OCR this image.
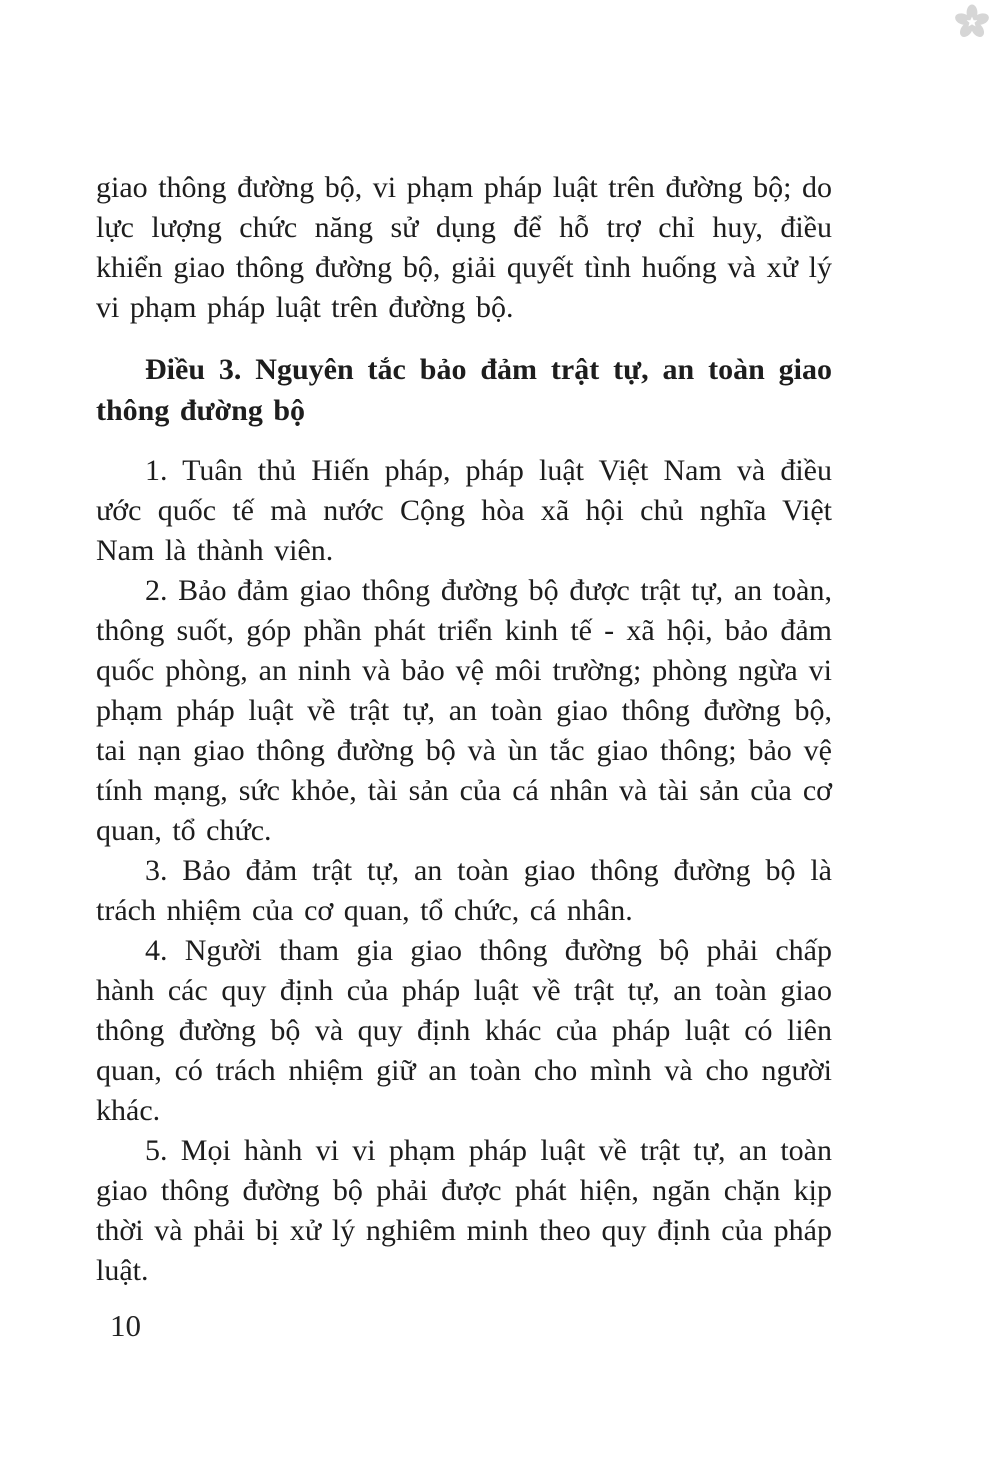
giao thông đường bộ, vi phạm pháp luật trên đường bộ; do lực lượng chức năng sử dụng để hỗ trợ chỉ huy, điều khiển giao thông đường bộ, giải quyết tình huống và xử lý vi phạm pháp luật trên đường bộ.

Điều 3. Nguyên tắc bảo đảm trật tự, an toàn giao thông đường bộ

1. Tuân thủ Hiến pháp, pháp luật Việt Nam và điều ước quốc tế mà nước Cộng hòa xã hội chủ nghĩa Việt Nam là thành viên.

2. Bảo đảm giao thông đường bộ được trật tự, an toàn, thông suốt, góp phần phát triển kinh tế - xã hội, bảo đảm quốc phòng, an ninh và bảo vệ môi trường; phòng ngừa vi phạm pháp luật về trật tự, an toàn giao thông đường bộ, tai nạn giao thông đường bộ và ùn tắc giao thông; bảo vệ tính mạng, sức khỏe, tài sản của cá nhân và tài sản của cơ quan, tổ chức.

3. Bảo đảm trật tự, an toàn giao thông đường bộ là trách nhiệm của cơ quan, tổ chức, cá nhân.

4. Người tham gia giao thông đường bộ phải chấp hành các quy định của pháp luật về trật tự, an toàn giao thông đường bộ và quy định khác của pháp luật có liên quan, có trách nhiệm giữ an toàn cho mình và cho người khác.

5. Mọi hành vi vi phạm pháp luật về trật tự, an toàn giao thông đường bộ phải được phát hiện, ngăn chặn kịp thời và phải bị xử lý nghiêm minh theo quy định của pháp luật.

10
